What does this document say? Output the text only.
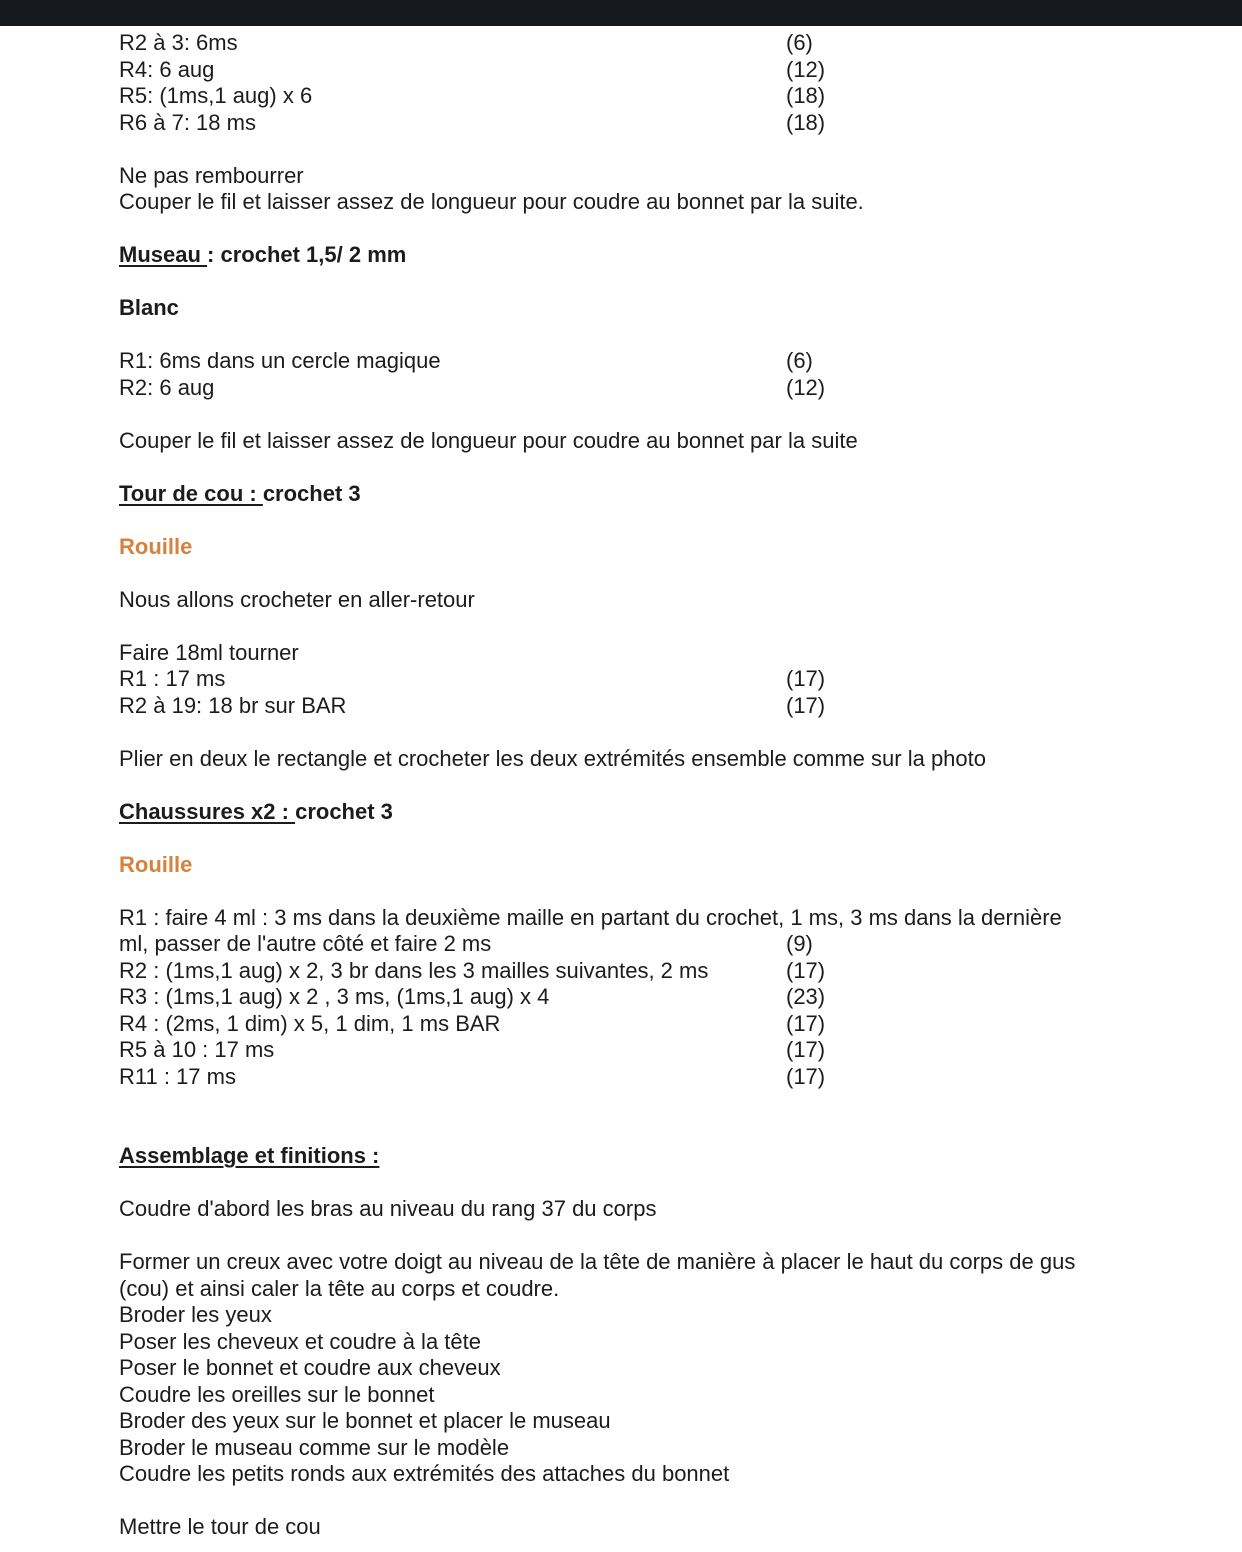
R2 à 3: 6ms	(6)
R4: 6 aug	(12)
R5: (1ms,1 aug) x 6	(18)
R6 à 7: 18 ms	(18)
Ne pas rembourrer
Couper le fil et laisser assez de longueur pour coudre au bonnet par la suite.
Museau : crochet 1,5/ 2 mm
Blanc
R1: 6ms dans un cercle magique	(6)
R2: 6 aug	(12)
Couper le fil et laisser assez de longueur pour coudre au bonnet par la suite
Tour de cou : crochet 3
Rouille
Nous allons crocheter en aller-retour
Faire 18ml tourner
R1 : 17 ms	(17)
R2 à 19: 18 br sur BAR	(17)
Plier en deux le rectangle et crocheter les deux extrémités ensemble comme sur la photo
Chaussures x2 : crochet 3
Rouille
R1 : faire 4 ml : 3 ms dans la deuxième maille en partant du crochet, 1 ms, 3 ms dans la dernière
ml, passer de l'autre côté et faire 2 ms	(9)
R2 : (1ms,1 aug) x 2, 3 br dans les 3 mailles suivantes, 2 ms	(17)
R3 : (1ms,1 aug) x 2 , 3 ms, (1ms,1 aug) x 4	(23)
R4 : (2ms, 1 dim) x 5, 1 dim, 1 ms BAR	(17)
R5 à 10 : 17 ms	(17)
R11 : 17 ms	(17)
Assemblage et finitions :
Coudre d'abord les bras au niveau du rang 37 du corps
Former un creux avec votre doigt au niveau de la tête de manière à placer le haut du corps de gus
(cou) et ainsi caler la tête au corps et coudre.
Broder les yeux
Poser les cheveux et coudre à la tête
Poser le bonnet et coudre aux cheveux
Coudre les oreilles sur le bonnet
Broder des yeux sur le bonnet et placer le museau
Broder le museau comme sur le modèle
Coudre les petits ronds aux extrémités des attaches du bonnet
Mettre le tour de cou
